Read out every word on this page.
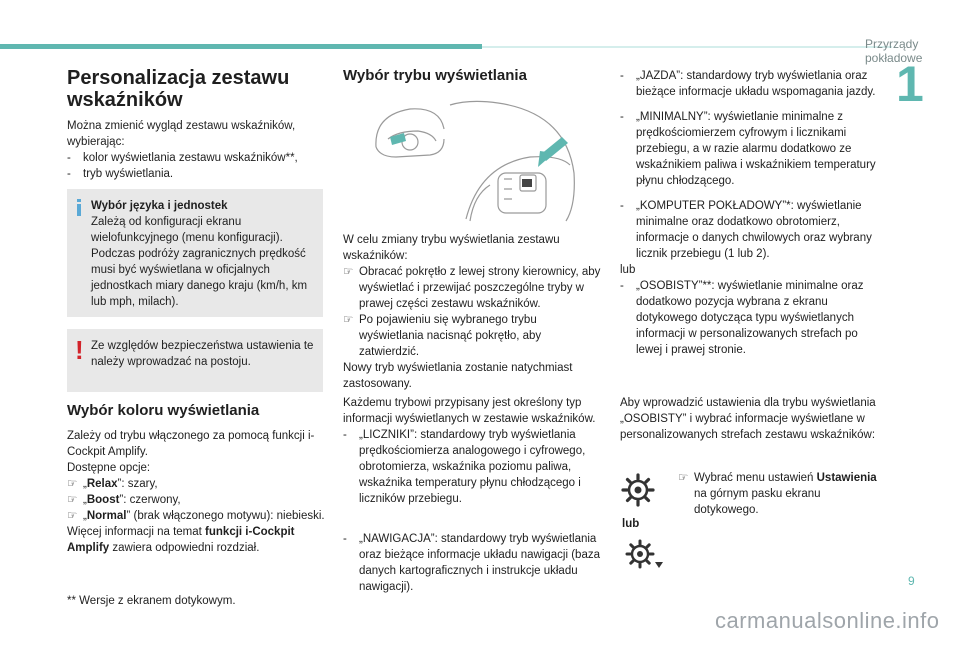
Przyrządy pokładowe
1
Personalizacja zestawu wskaźników

Można zmienić wygląd zestawu wskaźników, wybierając:

-	kolor wyświetlania zestawu wskaźników**,
-	tryb wyświetlania.
Wybór języka i jednostek
Zależą od konfiguracji ekranu wielofunkcyjnego (menu konfiguracji). Podczas podróży zagranicznych prędkość musi być wyświetlana w oficjalnych jednostkach miary danego kraju (km/h, km lub mph, milach).
! Ze względów bezpieczeństwa ustawienia te należy wprowadzać na postoju.
Wybór koloru wyświetlania

Zależy od trybu włączonego za pomocą funkcji i-Cockpit Amplify.

Dostępne opcje:

☞ „Relax”: szary,
☞ „Boost”: czerwony,
☞ „Normal” (brak włączonego motywu): niebieski.

Więcej informacji na temat funkcji i-Cockpit Amplify zawiera odpowiedni rozdział.

** Wersje z ekranem dotykowym.
Wybór trybu wyświetlania

W celu zmiany trybu wyświetlania zestawu wskaźników:

☞ Obracać pokrętło z lewej strony kierownicy, aby wyświetlać i przewijać poszczególne tryby w prawej części zestawu wskaźników.
☞ Po pojawieniu się wybranego trybu wyświetlania nacisnąć pokrętło, aby zatwierdzić.

Nowy tryb wyświetlania zostanie natychmiast zastosowany.

Każdemu trybowi przypisany jest określony typ informacji wyświetlanych w zestawie wskaźników.

-	„LICZNIKI”: standardowy tryb wyświetlania prędkościomierza analogowego i cyfrowego, obrotomierza, wskaźnika poziomu paliwa, wskaźnika temperatury płynu chłodzącego i liczników przebiegu.
-	„NAWIGACJA”: standardowy tryb wyświetlania oraz bieżące informacje układu nawigacji (baza danych kartograficznych i instrukcje układu nawigacji).
-	„JAZDA”: standardowy tryb wyświetlania oraz bieżące informacje układu wspomagania jazdy.
-	„MINIMALNY”: wyświetlanie minimalne z prędkościomierzem cyfrowym i licznikami przebiegu, a w razie alarmu dodatkowo ze wskaźnikiem paliwa i wskaźnikiem temperatury płynu chłodzącego.
-	„KOMPUTER POKŁADOWY”*: wyświetlanie minimalne oraz dodatkowo obrotomierz, informacje o danych chwilowych oraz wybrany licznik przebiegu (1 lub 2).

lub

-	„OSOBISTY”**: wyświetlanie minimalne oraz dodatkowo pozycja wybrana z ekranu dotykowego dotycząca typu wyświetlanych informacji w personalizowanych strefach po lewej i prawej stronie.
Aby wprowadzić ustawienia dla trybu wyświetlania „OSOBISTY” i wybrać informacje wyświetlane w personalizowanych strefach zestawu wskaźników:
lub
☞ Wybrać menu ustawień Ustawienia na górnym pasku ekranu dotykowego.
9
carmanualsonline.info
